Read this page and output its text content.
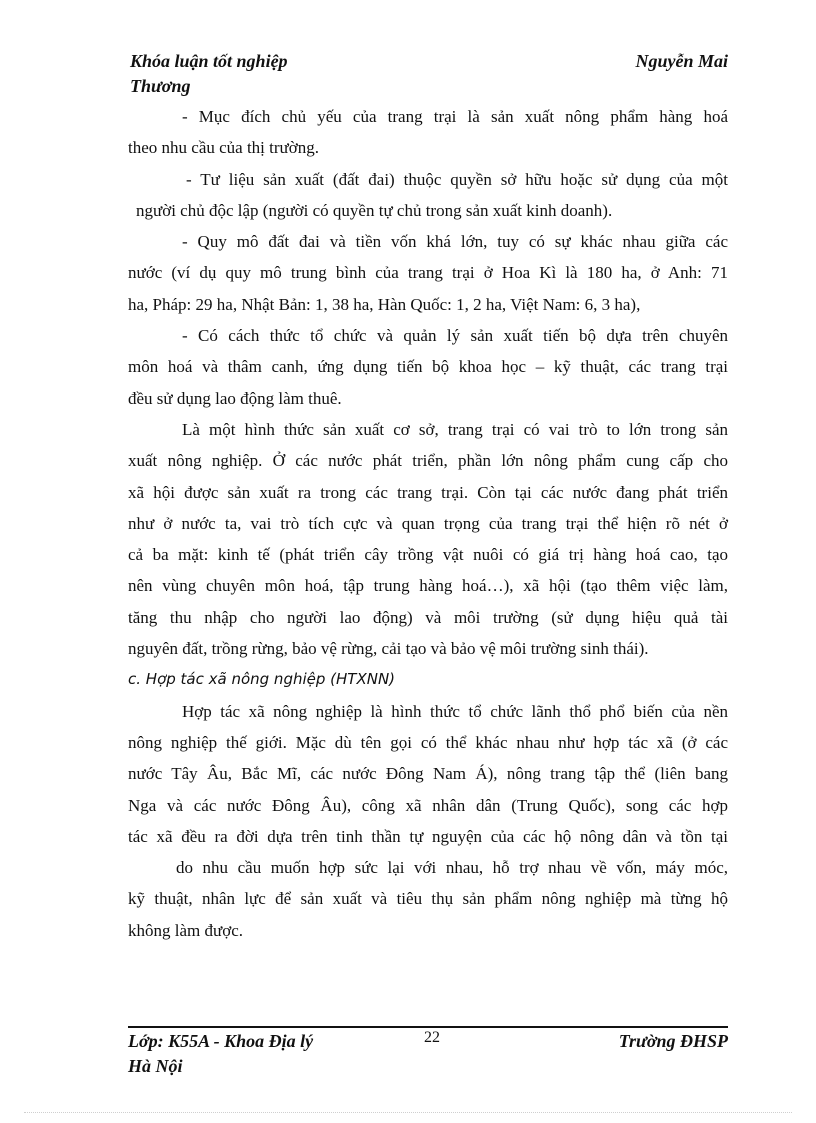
Khóa luận tốt nghiệp
Thương
Nguyễn Mai
- Mục đích chủ yếu của trang trại là sản xuất nông phẩm hàng hoá
theo nhu cầu của thị trường.
- Tư liệu sản xuất (đất đai) thuộc quyền sở hữu hoặc sử dụng của một
người chủ độc lập (người có quyền tự chủ trong sản xuất kinh doanh).
- Quy mô đất đai và tiền vốn khá lớn, tuy có sự khác nhau giữa các
nước (ví dụ quy mô trung bình của trang trại ở Hoa Kì là 180 ha, ở Anh: 71
ha, Pháp: 29 ha, Nhật Bản: 1, 38 ha, Hàn Quốc: 1, 2 ha, Việt Nam: 6, 3 ha),
- Có cách thức tổ chức và quản lý sản xuất tiến bộ dựa trên chuyên
môn hoá và thâm canh, ứng dụng tiến bộ khoa học – kỹ thuật, các trang trại
đều sử dụng lao động làm thuê.
Là một hình thức sản xuất cơ sở, trang trại có vai trò to lớn trong sản
xuất nông nghiệp. Ở các nước phát triển, phần lớn nông phẩm cung cấp cho
xã hội được sản xuất ra trong các trang trại. Còn tại các nước đang phát triển
như ở nước ta, vai trò tích cực và quan trọng của trang trại thể hiện rõ nét ở
cả ba mặt: kinh tế (phát triển cây trồng vật nuôi có giá trị hàng hoá cao, tạo
nên vùng chuyên môn hoá, tập trung hàng hoá…), xã hội (tạo thêm việc làm,
tăng thu nhập cho người lao động) và môi trường (sử dụng hiệu quả tài
nguyên đất, trồng rừng, bảo vệ rừng, cải tạo và bảo vệ môi trường sinh thái).
c. Hợp tác xã nông nghiệp (HTXNN)
Hợp tác xã nông nghiệp là hình thức tổ chức lãnh thổ phổ biến của nền
nông nghiệp thế giới. Mặc dù tên gọi có thể khác nhau như hợp tác xã (ở các
nước Tây Âu, Bắc Mĩ, các nước Đông Nam Á), nông trang tập thể (liên bang
Nga và các nước Đông Âu), công xã nhân dân (Trung Quốc), song các hợp
tác xã đều ra đời dựa trên tinh thần tự nguyện của các hộ nông dân và tồn tại
do nhu cầu muốn hợp sức lại với nhau, hỗ trợ nhau về vốn, máy móc,
kỹ thuật, nhân lực để sản xuất và tiêu thụ sản phẩm nông nghiệp mà từng hộ
không làm được.
Lớp: K55A - Khoa Địa lý
Hà Nội
22	Trường ĐHSP
